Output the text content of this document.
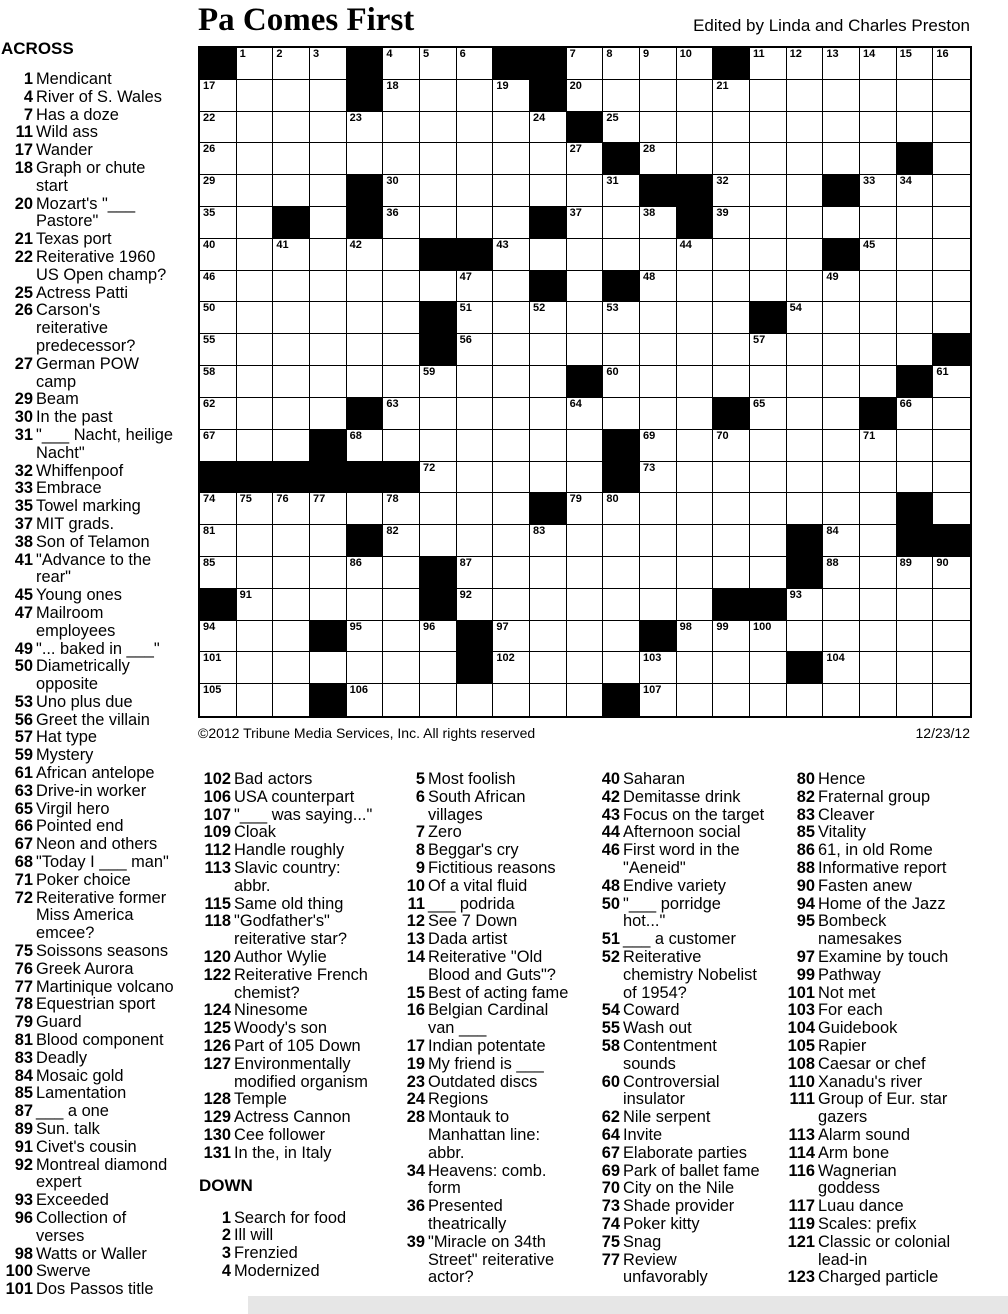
Pa Comes First	Edited by Linda and Charles Preston
ACROSS
1 Mendicant
4 River of S. Wales
7 Has a doze
11 Wild ass
17 Wander
18 Graph or chute
start
20 Mozart's "___
Pastore"
21 Texas port
22 Reiterative 1960
US Open champ?
25 Actress Patti
26 Carson's
reiterative
predecessor?
27 German POW
camp
29 Beam
30 In the past
31 "___ Nacht, heilige
Nacht"
32 Whiffenpoof
33 Embrace
35 Towel marking
37 MIT grads.
38 Son of Telamon
41 "Advance to the
rear"
45 Young ones
47 Mailroom
employees
49 "... baked in ___"
50 Diametrically
opposite
53 Uno plus due
56 Greet the villain
57 Hat type
59 Mystery
61 African antelope
63 Drive-in worker
65 Virgil hero
66 Pointed end
67 Neon and others
68 "Today I ___ man"
71 Poker choice
72 Reiterative former
Miss America
emcee?
75 Soissons seasons
76 Greek Aurora
77 Martinique volcano
78 Equestrian sport
79 Guard
81 Blood component
83 Deadly
84 Mosaic gold
85 Lamentation
87 ___ a one
89 Sun. talk
91 Civet's cousin
92 Montreal diamond
expert
93 Exceeded
96 Collection of
verses
98 Watts or Waller
100 Swerve
101 Dos Passos title
1	2	3	4	5	6	7	8	9	10	11 12 13 14 15 16
17	18	19	20	21
22	23	24	25
26	27	28
29	30	31	32	33 34
35	36	37	38	39
40	41	42	43	44	45
46	47	48	49
50	51	52	53	54
55	56	57
58	59	60	61
62	63	64	65	66
67	68	69	70	71
72	73
74 75 76 77	78	79 80
81	82	83	84
85	86	87	88	89 90
91	92	93
94	95	96	97	98 99 100
101	102	103	104
105	106	107
©2012 Tribune Media Services, Inc. All rights reserved	12/23/12
102 Bad actors
106 USA counterpart
107 "___ was saying..."
109 Cloak
112 Handle roughly
113 Slavic country:
abbr.
115 Same old thing
118 "Godfather's"
reiterative star?
120 Author Wylie
122 Reiterative French
chemist?
124 Ninesome
125 Woody's son
126 Part of 105 Down
127 Environmentally
modified organism
128 Temple
129 Actress Cannon
130 Cee follower
131 In the, in Italy
DOWN
1 Search for food
2 Ill will
3 Frenzied
4 Modernized
5 Most foolish
6 South African
villages
7 Zero
8 Beggar's cry
9 Fictitious reasons
10 Of a vital fluid
11 ___ podrida
12 See 7 Down
13 Dada artist
14 Reiterative "Old
Blood and Guts"?
15 Best of acting fame
16 Belgian Cardinal
van ___
17 Indian potentate
19 My friend is ___
23 Outdated discs
24 Regions
28 Montauk to
Manhattan line:
abbr.
34 Heavens: comb.
form
36 Presented
theatrically
39 "Miracle on 34th
Street" reiterative
actor?
40 Saharan
42 Demitasse drink
43 Focus on the target
44 Afternoon social
46 First word in the
"Aeneid"
48 Endive variety
50 "___ porridge
hot..."
51 ___ a customer
52 Reiterative
chemistry Nobelist
of 1954?
54 Coward
55 Wash out
58 Contentment
sounds
60 Controversial
insulator
62 Nile serpent
64 Invite
67 Elaborate parties
69 Park of ballet fame
70 City on the Nile
73 Shade provider
74 Poker kitty
75 Snag
77 Review
unfavorably
80 Hence
82 Fraternal group
83 Cleaver
85 Vitality
86 61, in old Rome
88 Informative report
90 Fasten anew
94 Home of the Jazz
95 Bombeck
namesakes
97 Examine by touch
99 Pathway
101 Not met
103 For each
104 Guidebook
105 Rapier
108 Caesar or chef
110 Xanadu's river
111 Group of Eur. star
gazers
113 Alarm sound
114 Arm bone
116 Wagnerian
goddess
117 Luau dance
119 Scales: prefix
121 Classic or colonial
lead-in
123 Charged particle
